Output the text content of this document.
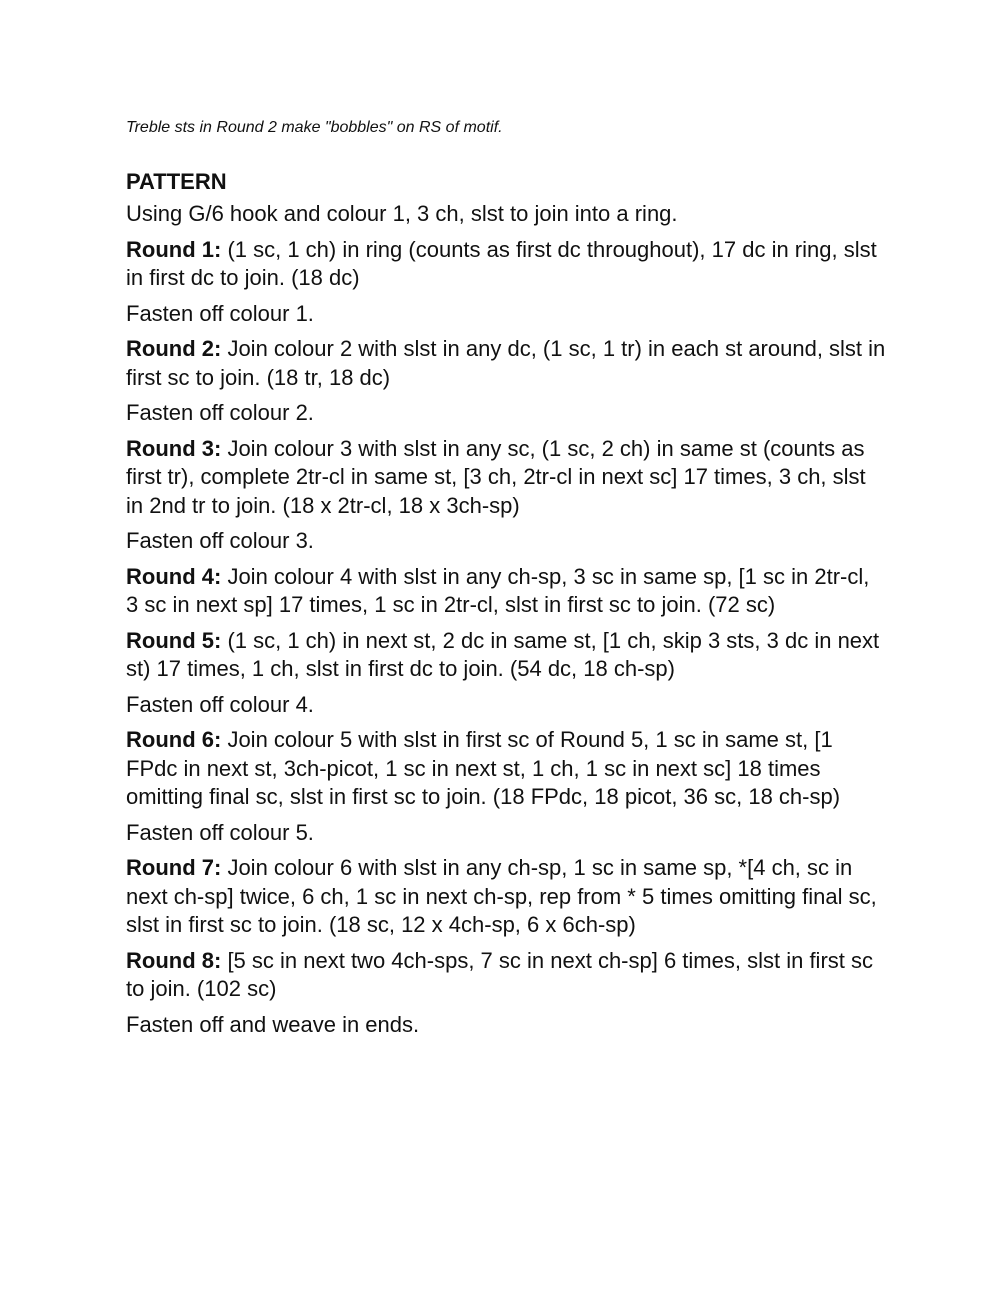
Treble sts in Round 2 make "bobbles" on RS of motif.

PATTERN

Using G/6 hook and colour 1, 3 ch, slst to join into a ring.

Round 1: (1 sc, 1 ch) in ring (counts as first dc throughout), 17 dc in ring, slst in first dc to join. (18 dc)

Fasten off colour 1.

Round 2: Join colour 2 with slst in any dc, (1 sc, 1 tr) in each st around, slst in first sc to join. (18 tr, 18 dc)

Fasten off colour 2.

Round 3: Join colour 3 with slst in any sc, (1 sc, 2 ch) in same st (counts as first tr), complete 2tr-cl in same st, [3 ch, 2tr-cl in next sc] 17 times, 3 ch, slst in 2nd tr to join. (18 x 2tr-cl, 18 x 3ch-sp)

Fasten off colour 3.

Round 4: Join colour 4 with slst in any ch-sp, 3 sc in same sp, [1 sc in 2tr-cl, 3 sc in next sp] 17 times, 1 sc in 2tr-cl, slst in first sc to join. (72 sc)

Round 5: (1 sc, 1 ch) in next st, 2 dc in same st, [1 ch, skip 3 sts, 3 dc in next st) 17 times, 1 ch, slst in first dc to join. (54 dc, 18 ch-sp)

Fasten off colour 4.

Round 6: Join colour 5 with slst in first sc of Round 5, 1 sc in same st, [1 FPdc in next st, 3ch-picot, 1 sc in next st, 1 ch, 1 sc in next sc] 18 times omitting final sc, slst in first sc to join. (18 FPdc, 18 picot, 36 sc, 18 ch-sp)

Fasten off colour 5.

Round 7: Join colour 6 with slst in any ch-sp, 1 sc in same sp, *[4 ch, sc in next ch-sp] twice, 6 ch, 1 sc in next ch-sp, rep from * 5 times omitting final sc, slst in first sc to join. (18 sc, 12 x 4ch-sp, 6 x 6ch-sp)

Round 8: [5 sc in next two 4ch-sps, 7 sc in next ch-sp] 6 times, slst in first sc to join. (102 sc)

Fasten off and weave in ends.
